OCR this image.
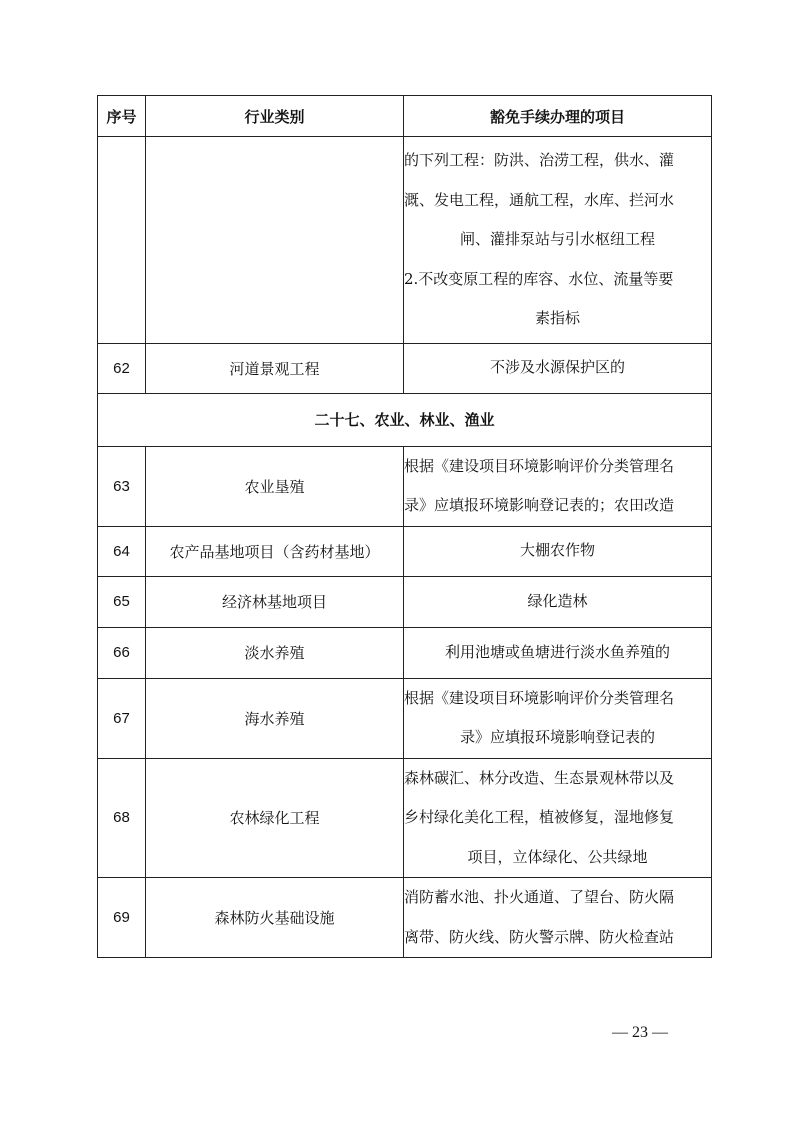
序号	行业类别	豁免手续办理的项目

		的下列工程：防洪、治涝工程，供水、灌
溉、发电工程，通航工程，水库、拦河水
闸、灌排泵站与引水枢纽工程
2.不改变原工程的库容、水位、流量等要
素指标

62	河道景观工程	不涉及水源保护区的

二十七、农业、林业、渔业		
63	农业垦殖	根据《建设项目环境影响评价分类管理名
录》应填报环境影响登记表的；农田改造

64	农产品基地项目（含药材基地）	大棚农作物

65	经济林基地项目	绿化造林

66	淡水养殖	利用池塘或鱼塘进行淡水鱼养殖的

67	海水养殖	根据《建设项目环境影响评价分类管理名
录》应填报环境影响登记表的

68	农林绿化工程	森林碳汇、林分改造、生态景观林带以及
乡村绿化美化工程，植被修复，湿地修复
项目，立体绿化、公共绿地

69	森林防火基础设施	消防蓄水池、扑火通道、了望台、防火隔
离带、防火线、防火警示牌、防火检查站
— 23 —
